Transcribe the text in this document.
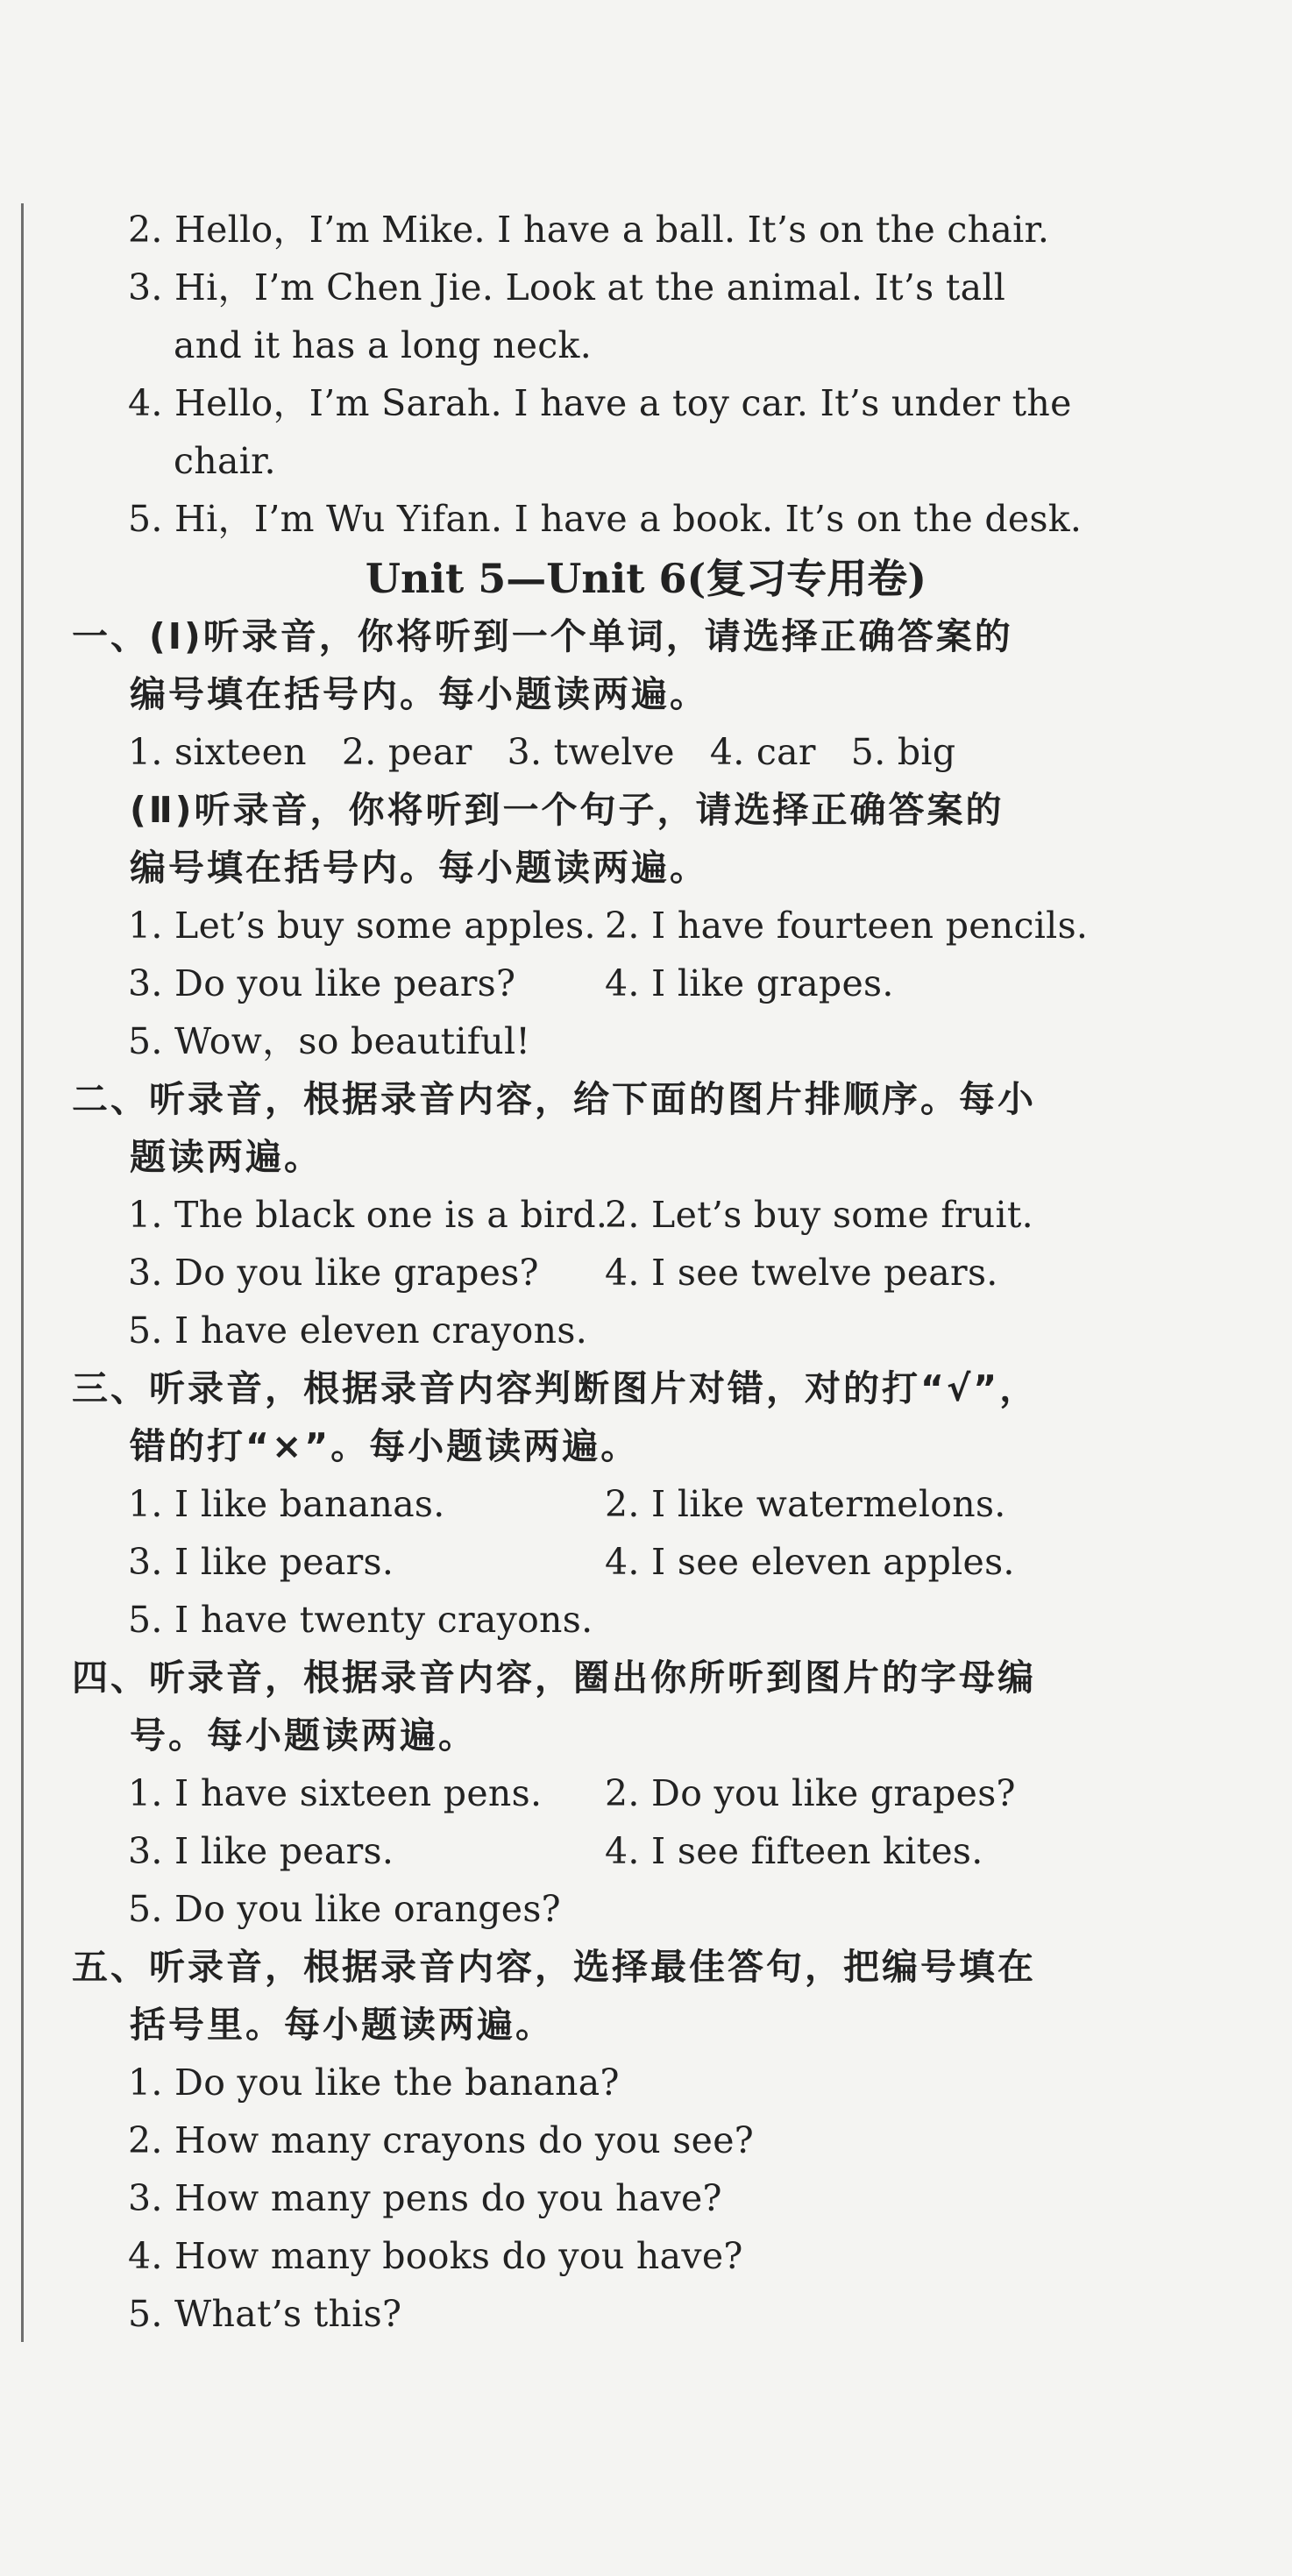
2. Hello，I’m Mike. I have a ball. It’s on the chair.
3. Hi，I’m Chen Jie. Look at the animal. It’s tall
and it has a long neck.
4. Hello，I’m Sarah. I have a toy car. It’s under the
chair.
5. Hi，I’m Wu Yifan. I have a book. It’s on the desk.
Unit 5—Unit 6(复习专用卷)
一、(Ⅰ)听录音，你将听到一个单词，请选择正确答案的
编号填在括号内。每小题读两遍。
1. sixteen   2. pear   3. twelve   4. car   5. big
(Ⅱ)听录音，你将听到一个句子，请选择正确答案的
编号填在括号内。每小题读两遍。
1. Let’s buy some apples. 2. I have fourteen pencils.
3. Do you like pears? 4. I like grapes.
5. Wow，so beautiful!
二、听录音，根据录音内容，给下面的图片排顺序。每小
题读两遍。
1. The black one is a bird.
2. Let’s buy some fruit.
3. Do you like grapes? 4. I see twelve pears.
5. I have eleven crayons.
三、听录音，根据录音内容判断图片对错，对的打“√”，
错的打“×”。每小题读两遍。
1. I like bananas.	2. I like watermelons.
3. I like pears.	4. I see eleven apples.
5. I have twenty crayons.
四、听录音，根据录音内容，圈出你所听到图片的字母编
号。每小题读两遍。
1. I have sixteen pens. 2. Do you like grapes?
3. I like pears.	4. I see fifteen kites.
5. Do you like oranges?
五、听录音，根据录音内容，选择最佳答句，把编号填在
括号里。每小题读两遍。
1. Do you like the banana?
2. How many crayons do you see?
3. How many pens do you have?
4. How many books do you have?
5. What’s this?
